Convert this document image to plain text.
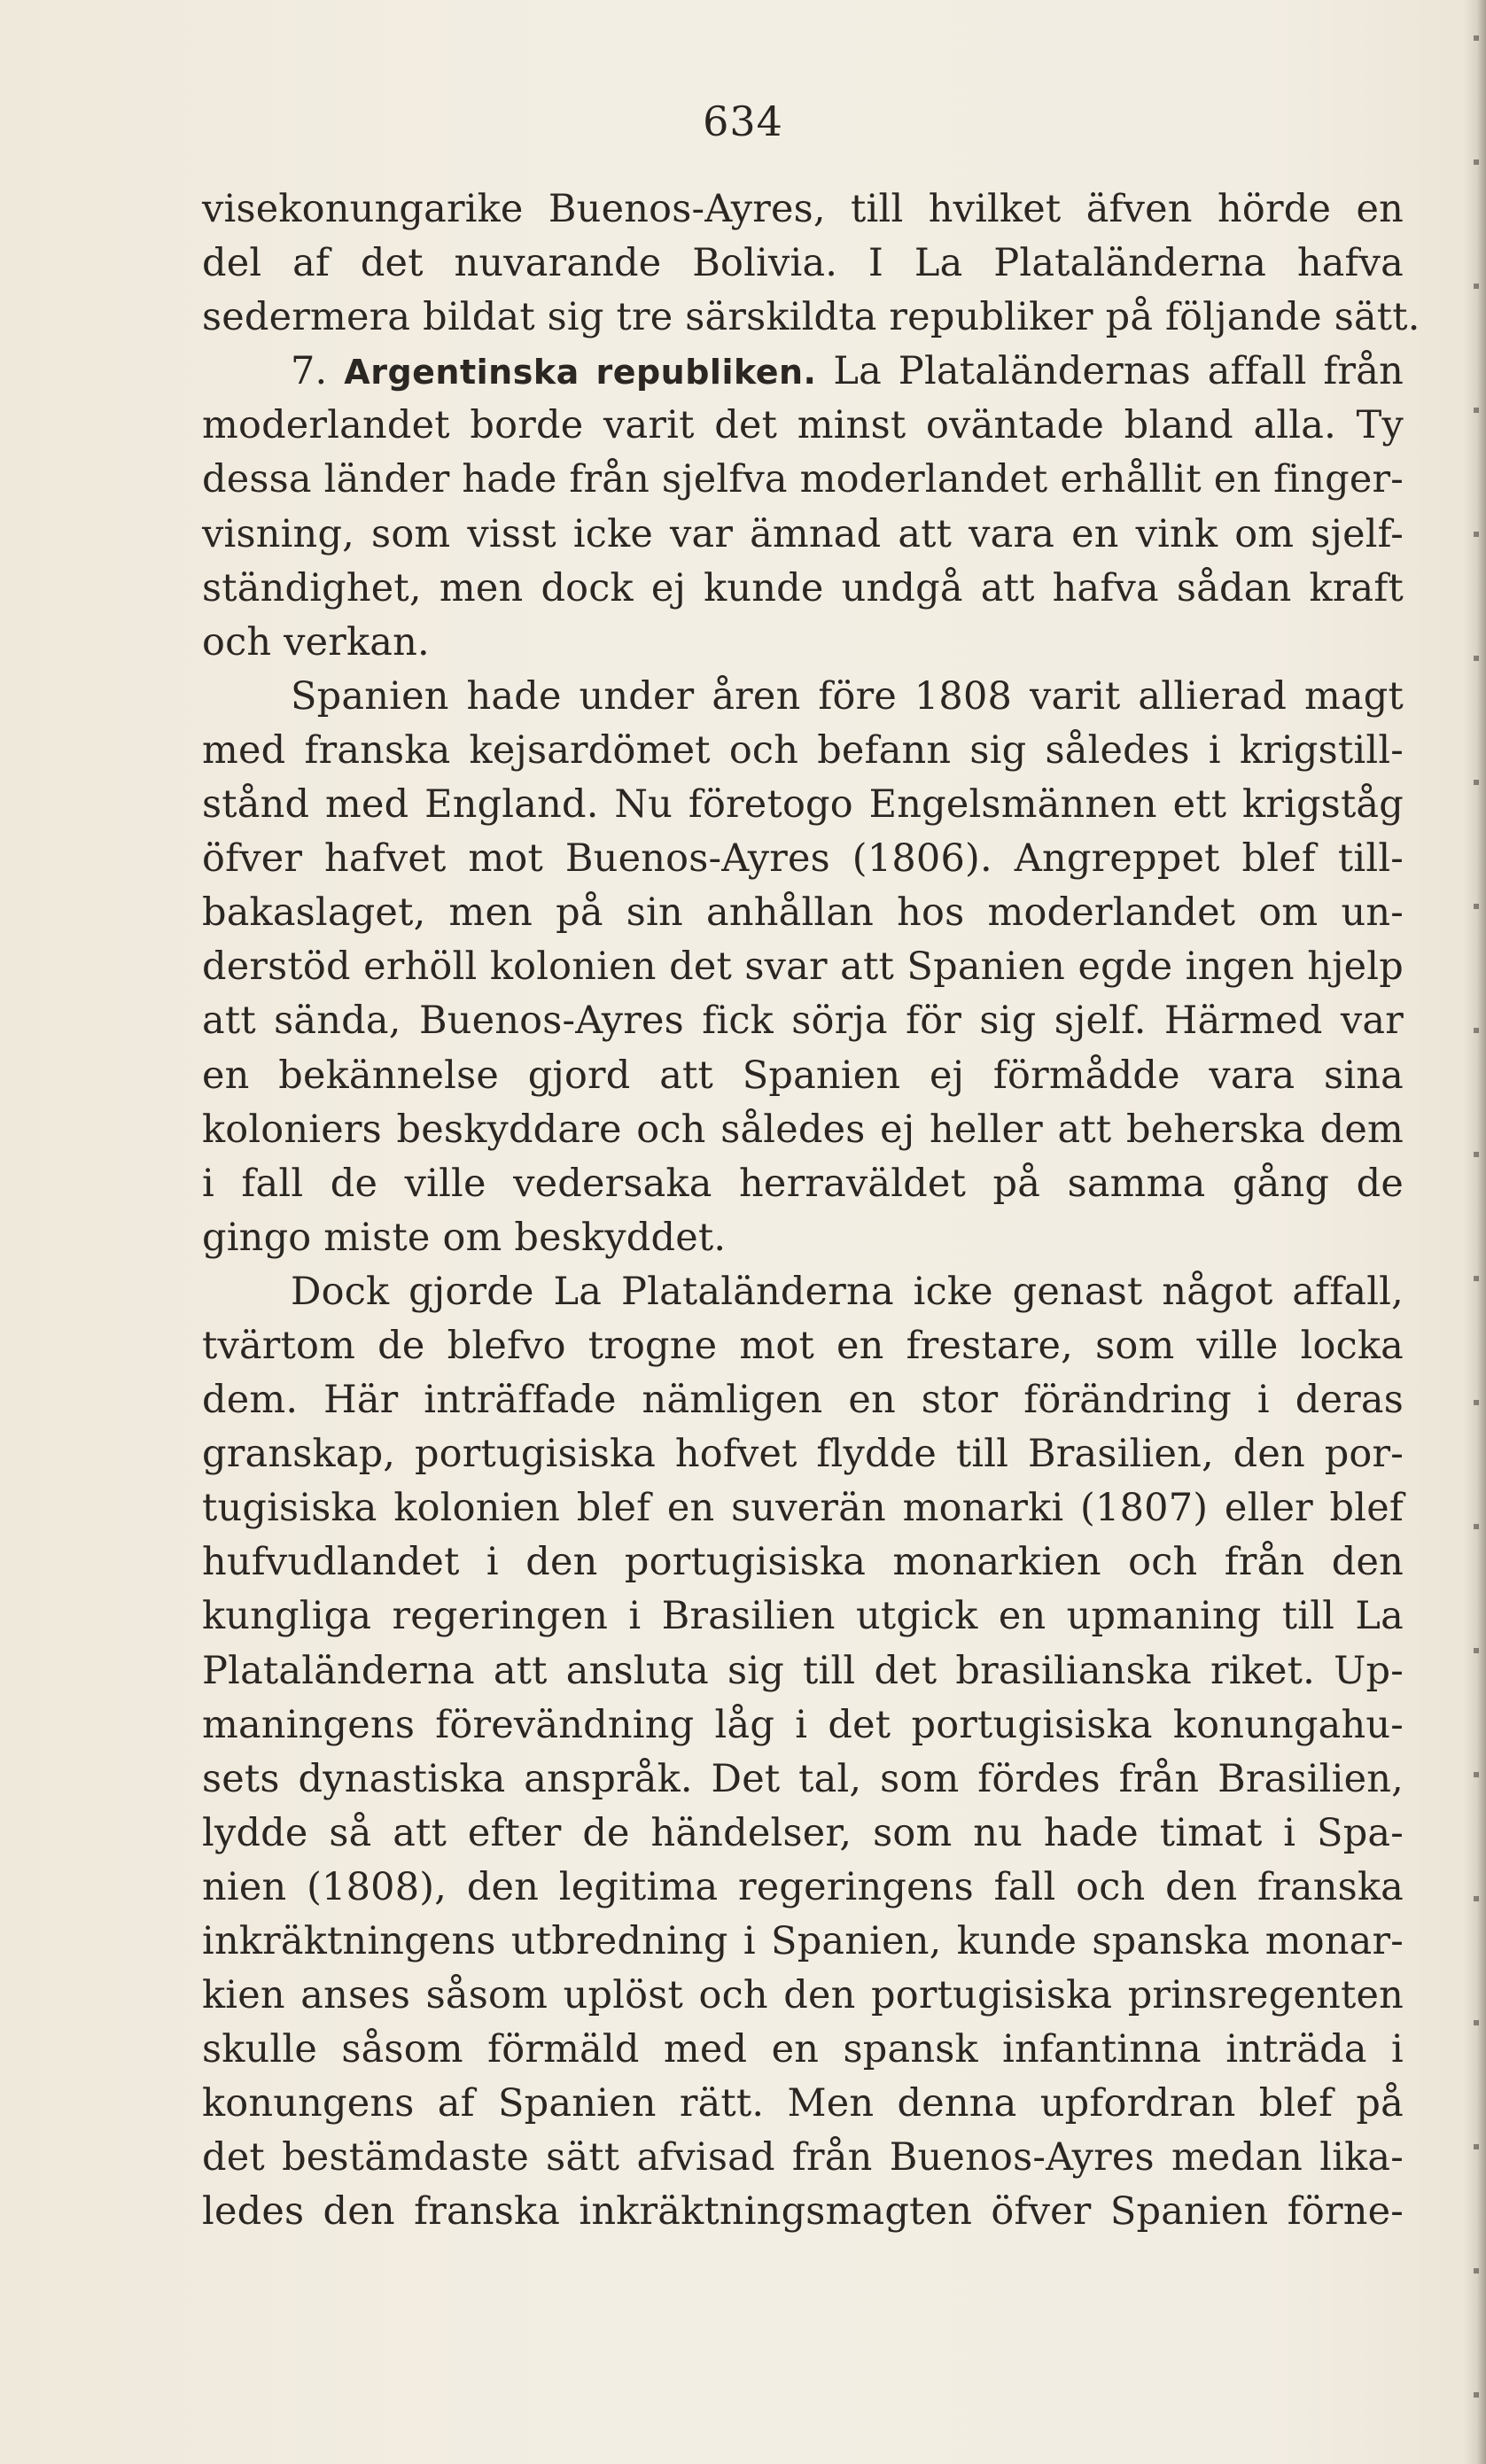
634
visekonungarike Buenos-Ayres, till hvilket äfven hörde en
del af det nuvarande Bolivia. I La Plataländerna hafva
sedermera bildat sig tre särskildta republiker på följande sätt.
7. Argentinska republiken. La Plataländernas affall från
moderlandet borde varit det minst oväntade bland alla. Ty
dessa länder hade från sjelfva moderlandet erhållit en finger-
visning, som visst icke var ämnad att vara en vink om sjelf-
ständighet, men dock ej kunde undgå att hafva sådan kraft
och verkan.
Spanien hade under åren före 1808 varit allierad magt
med franska kejsardömet och befann sig således i krigstill-
stånd med England. Nu företogo Engelsmännen ett krigståg
öfver hafvet mot Buenos-Ayres (1806). Angreppet blef till-
bakaslaget, men på sin anhållan hos moderlandet om un-
derstöd erhöll kolonien det svar att Spanien egde ingen hjelp
att sända, Buenos-Ayres fick sörja för sig sjelf. Härmed var
en bekännelse gjord att Spanien ej förmådde vara sina
koloniers beskyddare och således ej heller att beherska dem
i fall de ville vedersaka herraväldet på samma gång de
gingo miste om beskyddet.
Dock gjorde La Plataländerna icke genast något affall,
tvärtom de blefvo trogne mot en frestare, som ville locka
dem. Här inträffade nämligen en stor förändring i deras
granskap, portugisiska hofvet flydde till Brasilien, den por-
tugisiska kolonien blef en suverän monarki (1807) eller blef
hufvudlandet i den portugisiska monarkien och från den
kungliga regeringen i Brasilien utgick en upmaning till La
Plataländerna att ansluta sig till det brasilianska riket. Up-
maningens förevändning låg i det portugisiska konungahu-
sets dynastiska anspråk. Det tal, som fördes från Brasilien,
lydde så att efter de händelser, som nu hade timat i Spa-
nien (1808), den legitima regeringens fall och den franska
inkräktningens utbredning i Spanien, kunde spanska monar-
kien anses såsom uplöst och den portugisiska prinsregenten
skulle såsom förmäld med en spansk infantinna inträda i
konungens af Spanien rätt. Men denna upfordran blef på
det bestämdaste sätt afvisad från Buenos-Ayres medan lika-
ledes den franska inkräktningsmagten öfver Spanien förne-
